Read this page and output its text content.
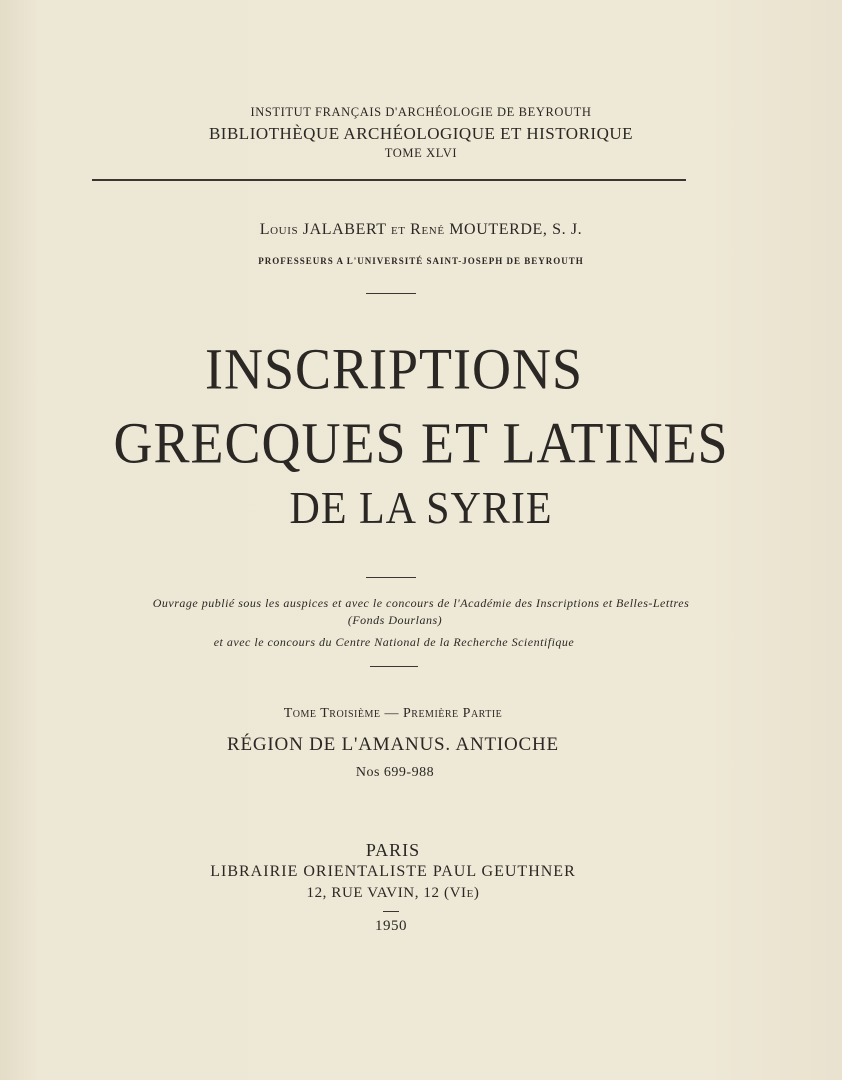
INSTITUT FRANÇAIS D'ARCHÉOLOGIE DE BEYROUTH
BIBLIOTHÈQUE ARCHÉOLOGIQUE ET HISTORIQUE
TOME XLVI
Louis JALABERT et René MOUTERDE, S. J.
PROFESSEURS A L'UNIVERSITÉ SAINT-JOSEPH DE BEYROUTH
INSCRIPTIONS
GRECQUES ET LATINES
DE LA SYRIE
Ouvrage publié sous les auspices et avec le concours de l'Académie des Inscriptions et Belles-Lettres
(Fonds Dourlans)
et avec le concours du Centre National de la Recherche Scientifique
Tome Troisième — Première Partie
RÉGION DE L'AMANUS. ANTIOCHE
Nos 699-988
PARIS
LIBRAIRIE ORIENTALISTE PAUL GEUTHNER
12, RUE VAVIN, 12 (VIe)
1950
